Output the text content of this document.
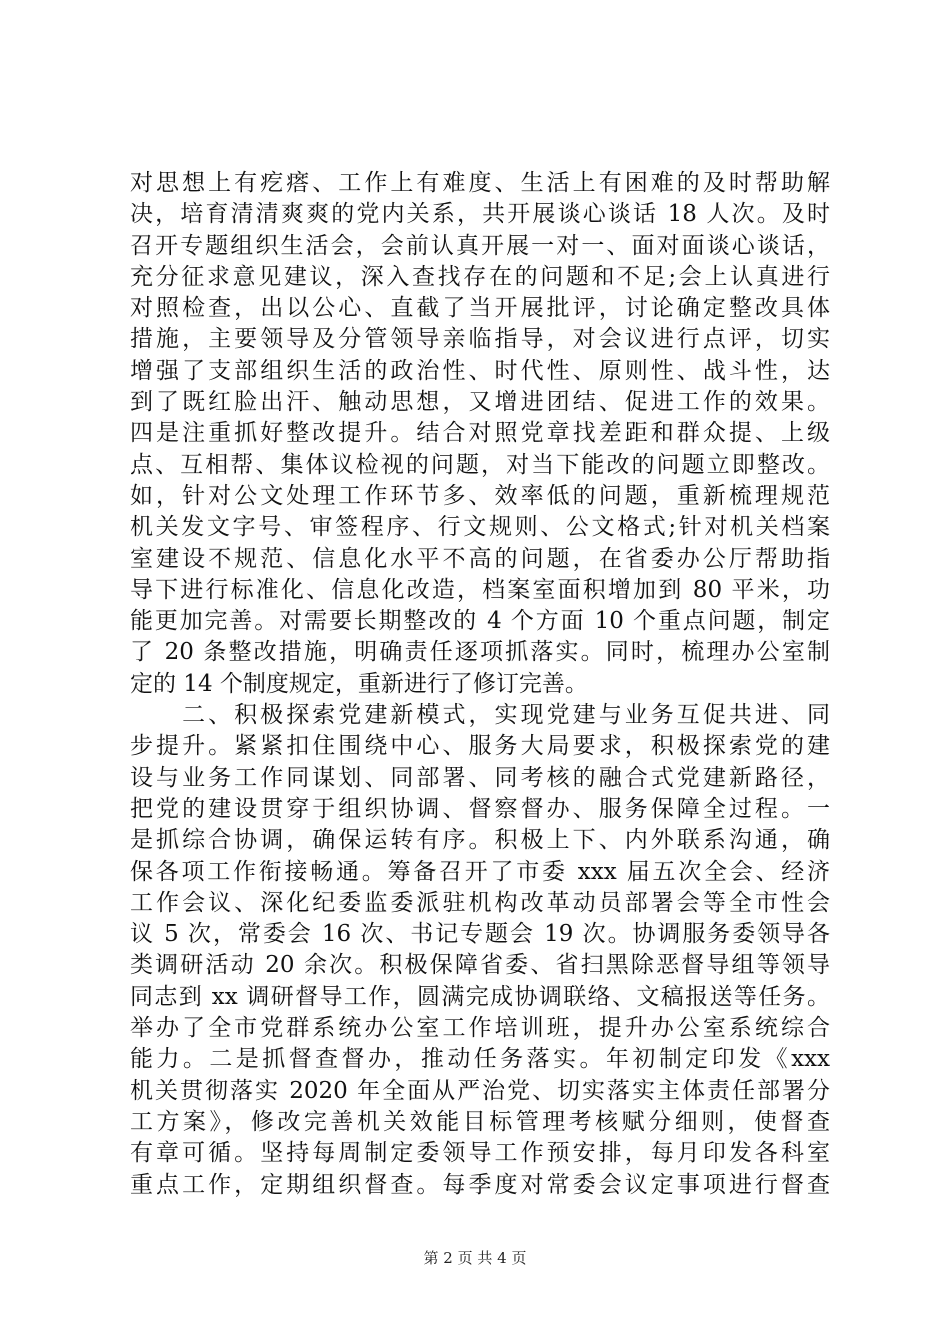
对思想上有疙瘩、工作上有难度、生活上有困难的及时帮助解
决，培育清清爽爽的党内关系，共开展谈心谈话 18 人次。及时
召开专题组织生活会，会前认真开展一对一、面对面谈心谈话，
充分征求意见建议，深入查找存在的问题和不足;会上认真进行
对照检查，出以公心、直截了当开展批评，讨论确定整改具体
措施，主要领导及分管领导亲临指导，对会议进行点评，切实
增强了支部组织生活的政治性、时代性、原则性、战斗性，达
到了既红脸出汗、触动思想，又增进团结、促进工作的效果。
四是注重抓好整改提升。结合对照党章找差距和群众提、上级
点、互相帮、集体议检视的问题，对当下能改的问题立即整改。
如，针对公文处理工作环节多、效率低的问题，重新梳理规范
机关发文字号、审签程序、行文规则、公文格式;针对机关档案
室建设不规范、信息化水平不高的问题，在省委办公厅帮助指
导下进行标准化、信息化改造，档案室面积增加到 80 平米，功
能更加完善。对需要长期整改的 4 个方面 10 个重点问题，制定
了 20 条整改措施，明确责任逐项抓落实。同时，梳理办公室制
定的 14 个制度规定，重新进行了修订完善。
　　二、积极探索党建新模式，实现党建与业务互促共进、同
步提升。紧紧扣住围绕中心、服务大局要求，积极探索党的建
设与业务工作同谋划、同部署、同考核的融合式党建新路径，
把党的建设贯穿于组织协调、督察督办、服务保障全过程。一
是抓综合协调，确保运转有序。积极上下、内外联系沟通，确
保各项工作衔接畅通。筹备召开了市委 xxx 届五次全会、经济
工作会议、深化纪委监委派驻机构改革动员部署会等全市性会
议 5 次，常委会 16 次、书记专题会 19 次。协调服务委领导各
类调研活动 20 余次。积极保障省委、省扫黑除恶督导组等领导
同志到 xx 调研督导工作，圆满完成协调联络、文稿报送等任务。
举办了全市党群系统办公室工作培训班，提升办公室系统综合
能力。二是抓督查督办，推动任务落实。年初制定印发《xxx
机关贯彻落实 2020 年全面从严治党、切实落实主体责任部署分
工方案》，修改完善机关效能目标管理考核赋分细则，使督查
有章可循。坚持每周制定委领导工作预安排，每月印发各科室
重点工作，定期组织督查。每季度对常委会议定事项进行督查
第 2 页 共 4 页
